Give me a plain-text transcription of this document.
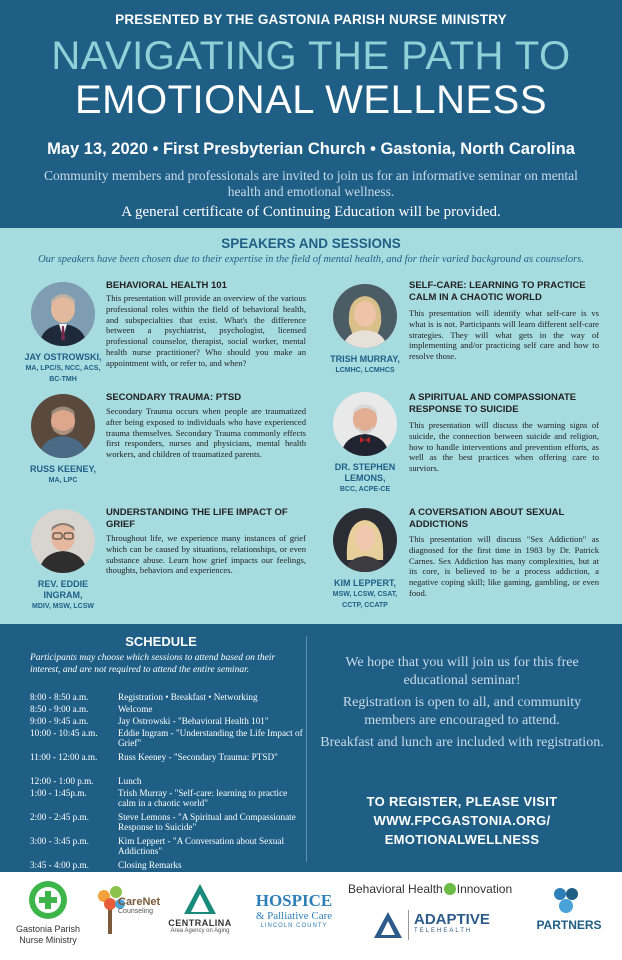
PRESENTED BY THE GASTONIA PARISH NURSE MINISTRY
NAVIGATING THE PATH TO
EMOTIONAL WELLNESS
May 13, 2020 • First Presbyterian Church • Gastonia, North Carolina
Community members and professionals are invited to join us for an informative seminar on mental health and emotional wellness.
A general certificate of Continuing Education will be provided.
SPEAKERS AND SESSIONS
Our speakers have been chosen due to their expertise in the field of mental health, and for their varied background as counselors.
JAY OSTROWSKI,
MA, LPC/S, NCC, ACS, BC-TMH
BEHAVIORAL HEALTH 101
This presentation will provide an overview of the various professional roles within the field of behavioral health, and subspecialties that exist. What's the difference between a psychiatrist, psychologist, licensed professional counselor, therapist, social worker, mental health nurse practitioner? Who should you make an appointment with, or refer to, and when?
RUSS KEENEY,
MA, LPC
SECONDARY TRAUMA: PTSD
Secondary Trauma occurs when people are traumatized after being exposed to individuals who have experienced trauma themselves. Secondary Trauma commonly effects first responders, nurses and physicians, mental health workers, and children of traumatized parents.
REV. EDDIE INGRAM,
MDIV, MSW, LCSW
UNDERSTANDING THE LIFE IMPACT OF GRIEF
Throughout life, we experience many instances of grief which can be caused by situations, relationships, or even substance abuse. Learn how grief impacts our feelings, thoughts, behaviors and experiences.
TRISH MURRAY,
LCMHC, LCMHCS
SELF-CARE: LEARNING TO PRACTICE CALM IN A CHAOTIC WORLD
This presentation will identify what self-care is vs what is is not. Participants will learn different self-care strategies. They will what gets in the way of implementing and/or practicing self care and how to resolve those.
DR. STEPHEN LEMONS,
BCC, ACPE-CE
A SPIRITUAL AND COMPASSIONATE RESPONSE TO SUICIDE
This presentation will discuss the warning signs of suicide, the connection between suicide and religion, how to handle interventions and prevention efforts, as well as the best practices when offering care to surviors.
KIM LEPPERT,
MSW, LCSW, CSAT, CCTP, CCATP
A COVERSATION ABOUT SEXUAL ADDICTIONS
This presentation will discuss "Sex Addiction" as diagnosed for the first time in 1983 by Dr. Patrick Carnes. Sex Addiction has many complexities, but at its core, is believed to be a process addiction, a negative coping skill; like gaming, gambling, or even food.
SCHEDULE
Participants may choose which sessions to attend based on their interest, and are not required to attend the entire seminar.
8:00 - 8:50 a.m.	Registration • Breakfast • Networking
8:50 - 9:00 a.m.	Welcome
9:00 - 9:45 a.m.	Jay Ostrowski - "Behavioral Health 101"
10:00 - 10:45 a.m.	Eddie Ingram - "Understanding the Life Impact of Grief"
11:00 - 12:00 a.m.	Russ Keeney - "Secondary Trauma: PTSD"
12:00 - 1:00 p.m.	Lunch
1:00 - 1:45p.m.	Trish Murray - "Self-care: learning to practice calm in a chaotic world"
2:00 - 2:45 p.m.	Steve Lemons - "A Spiritual and Compassionate Response to Suicide"
3:00 - 3:45 p.m.	Kim Leppert - "A Conversation about Sexual Addictions"
3:45 - 4:00 p.m.	Closing Remarks
We hope that you will join us for this free educational seminar!
Registration is open to all, and community members are encouraged to attend.
Breakfast and lunch are included with registration.
TO REGISTER, PLEASE VISIT
WWW.FPCGASTONIA.ORG/
EMOTIONALWELLNESS
Gastonia Parish
Nurse Ministry
CareNet
Counseling
CENTRALINA
Area Agency on Aging
HOSPICE
& Palliative Care
LINCOLN COUNTY
Behavioral Health Innovation
ADAPTIVE
TELEHEALTH	PARTNERS
